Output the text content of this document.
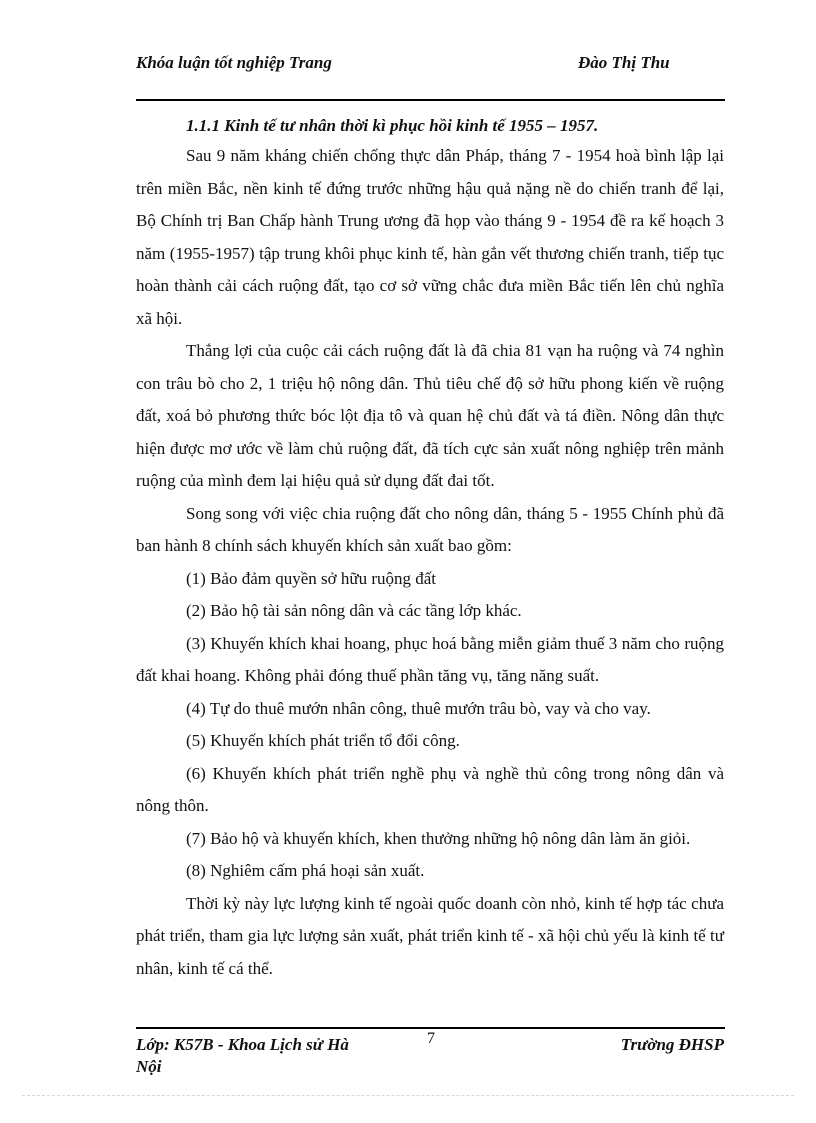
Khóa luận tốt nghiệp Trang	Đào Thị Thu

1.1.1 Kinh tế tư nhân thời kì phục hồi kinh tế 1955 – 1957.

Sau 9 năm kháng chiến chống thực dân Pháp, tháng 7 - 1954 hoà bình lập lại trên miền Bắc, nền kinh tế đứng trước những hậu quả nặng nề do chiến tranh để lại, Bộ Chính trị Ban Chấp hành Trung ương đã họp vào tháng 9 - 1954 đề ra kế hoạch 3 năm (1955-1957) tập trung khôi phục kinh tế, hàn gắn vết thương chiến tranh, tiếp tục hoàn thành cải cách ruộng đất, tạo cơ sở vững chắc đưa miền Bắc tiến lên chủ nghĩa xã hội.

Thắng lợi của cuộc cải cách ruộng đất là đã chia 81 vạn ha ruộng và 74 nghìn con trâu bò cho 2, 1 triệu hộ nông dân. Thủ tiêu chế độ sở hữu phong kiến về ruộng đất, xoá bỏ phương thức bóc lột địa tô và quan hệ chủ đất và tá điền. Nông dân thực hiện được mơ ước về làm chủ ruộng đất, đã tích cực sản xuất nông nghiệp trên mảnh ruộng của mình đem lại hiệu quả sử dụng đất đai tốt.

Song song với việc chia ruộng đất cho nông dân, tháng 5 - 1955 Chính phủ đã ban hành 8 chính sách khuyến khích sản xuất bao gồm:

(1) Bảo đảm quyền sở hữu ruộng đất

(2) Bảo hộ tài sản nông dân và các tầng lớp khác.

(3) Khuyến khích khai hoang, phục hoá bằng miễn giảm thuế 3 năm cho ruộng đất khai hoang. Không phải đóng thuế phần tăng vụ, tăng năng suất.

(4) Tự do thuê mướn nhân công, thuê mướn trâu bò, vay và cho vay.

(5) Khuyến khích phát triển tổ đổi công.

(6) Khuyến khích phát triển nghề phụ và nghề thủ công trong nông dân và nông thôn.

(7) Bảo hộ và khuyến khích, khen thưởng những hộ nông dân làm ăn giỏi.

(8) Nghiêm cấm phá hoại sản xuất.

Thời kỳ này lực lượng kinh tế ngoài quốc doanh còn nhỏ, kinh tế hợp tác chưa phát triển, tham gia lực lượng sản xuất, phát triển kinh tế - xã hội chủ yếu là kinh tế tư nhân, kinh tế cá thể.

Lớp: K57B - Khoa Lịch sử Hà Nội
7	Trường ĐHSP
